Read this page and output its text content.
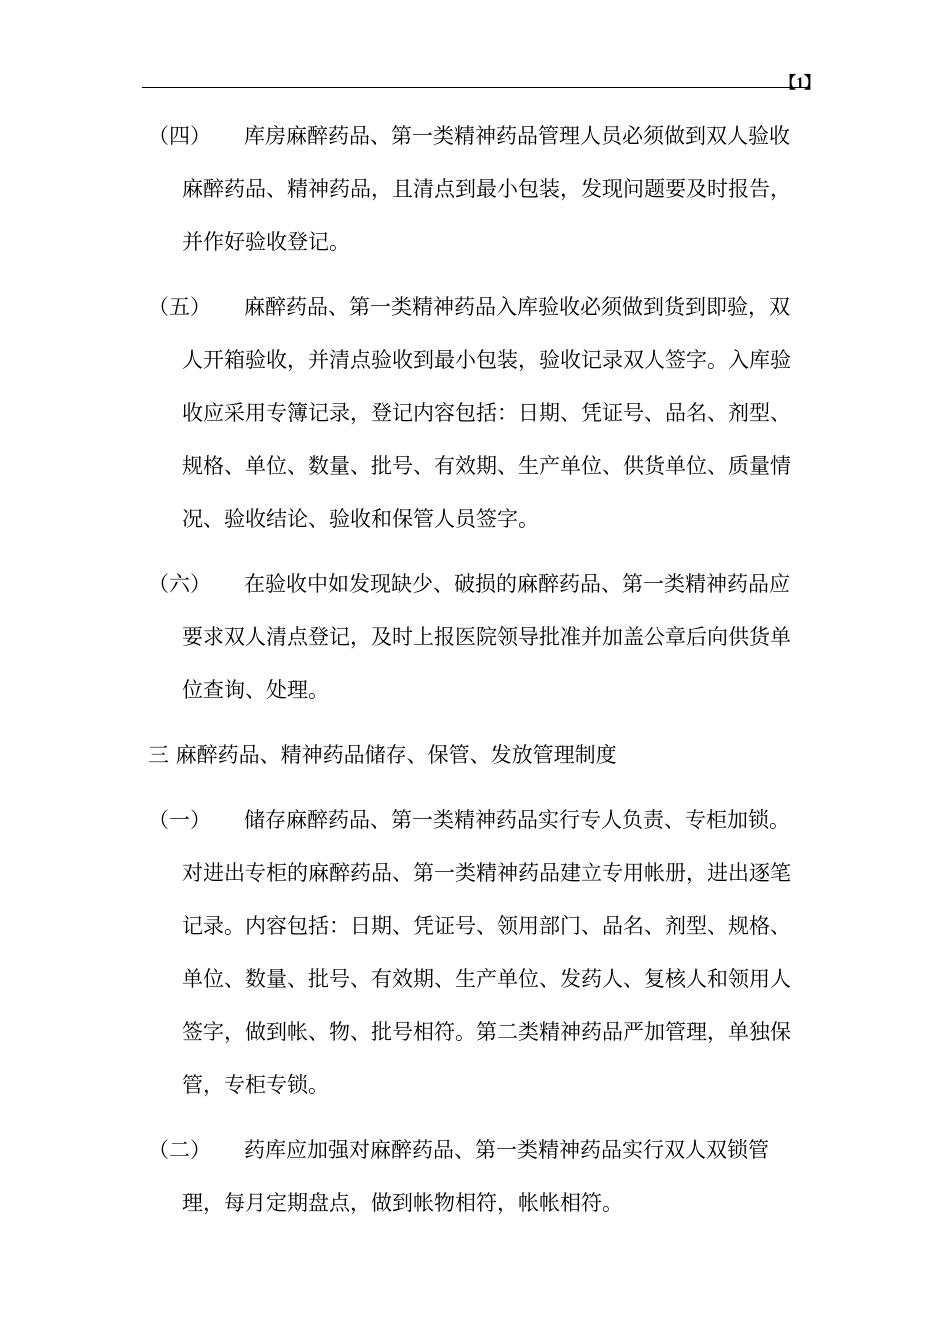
【1】
（四）	库房麻醉药品、第一类精神药品管理人员必须做到双人验收
麻醉药品、精神药品，且清点到最小包装，发现问题要及时报告，
并作好验收登记。
（五）	麻醉药品、第一类精神药品入库验收必须做到货到即验，双
人开箱验收，并清点验收到最小包装，验收记录双人签字。入库验
收应采用专簿记录，登记内容包括：日期、凭证号、品名、剂型、
规格、单位、数量、批号、有效期、生产单位、供货单位、质量情
况、验收结论、验收和保管人员签字。
（六）	在验收中如发现缺少、破损的麻醉药品、第一类精神药品应
要求双人清点登记，及时上报医院领导批准并加盖公章后向供货单
位查询、处理。
三 麻醉药品、精神药品储存、保管、发放管理制度
（一）	储存麻醉药品、第一类精神药品实行专人负责、专柜加锁。
对进出专柜的麻醉药品、第一类精神药品建立专用帐册，进出逐笔
记录。内容包括：日期、凭证号、领用部门、品名、剂型、规格、
单位、数量、批号、有效期、生产单位、发药人、复核人和领用人
签字，做到帐、物、批号相符。第二类精神药品严加管理，单独保
管，专柜专锁。
（二）	药库应加强对麻醉药品、第一类精神药品实行双人双锁管
理，每月定期盘点，做到帐物相符，帐帐相符。
